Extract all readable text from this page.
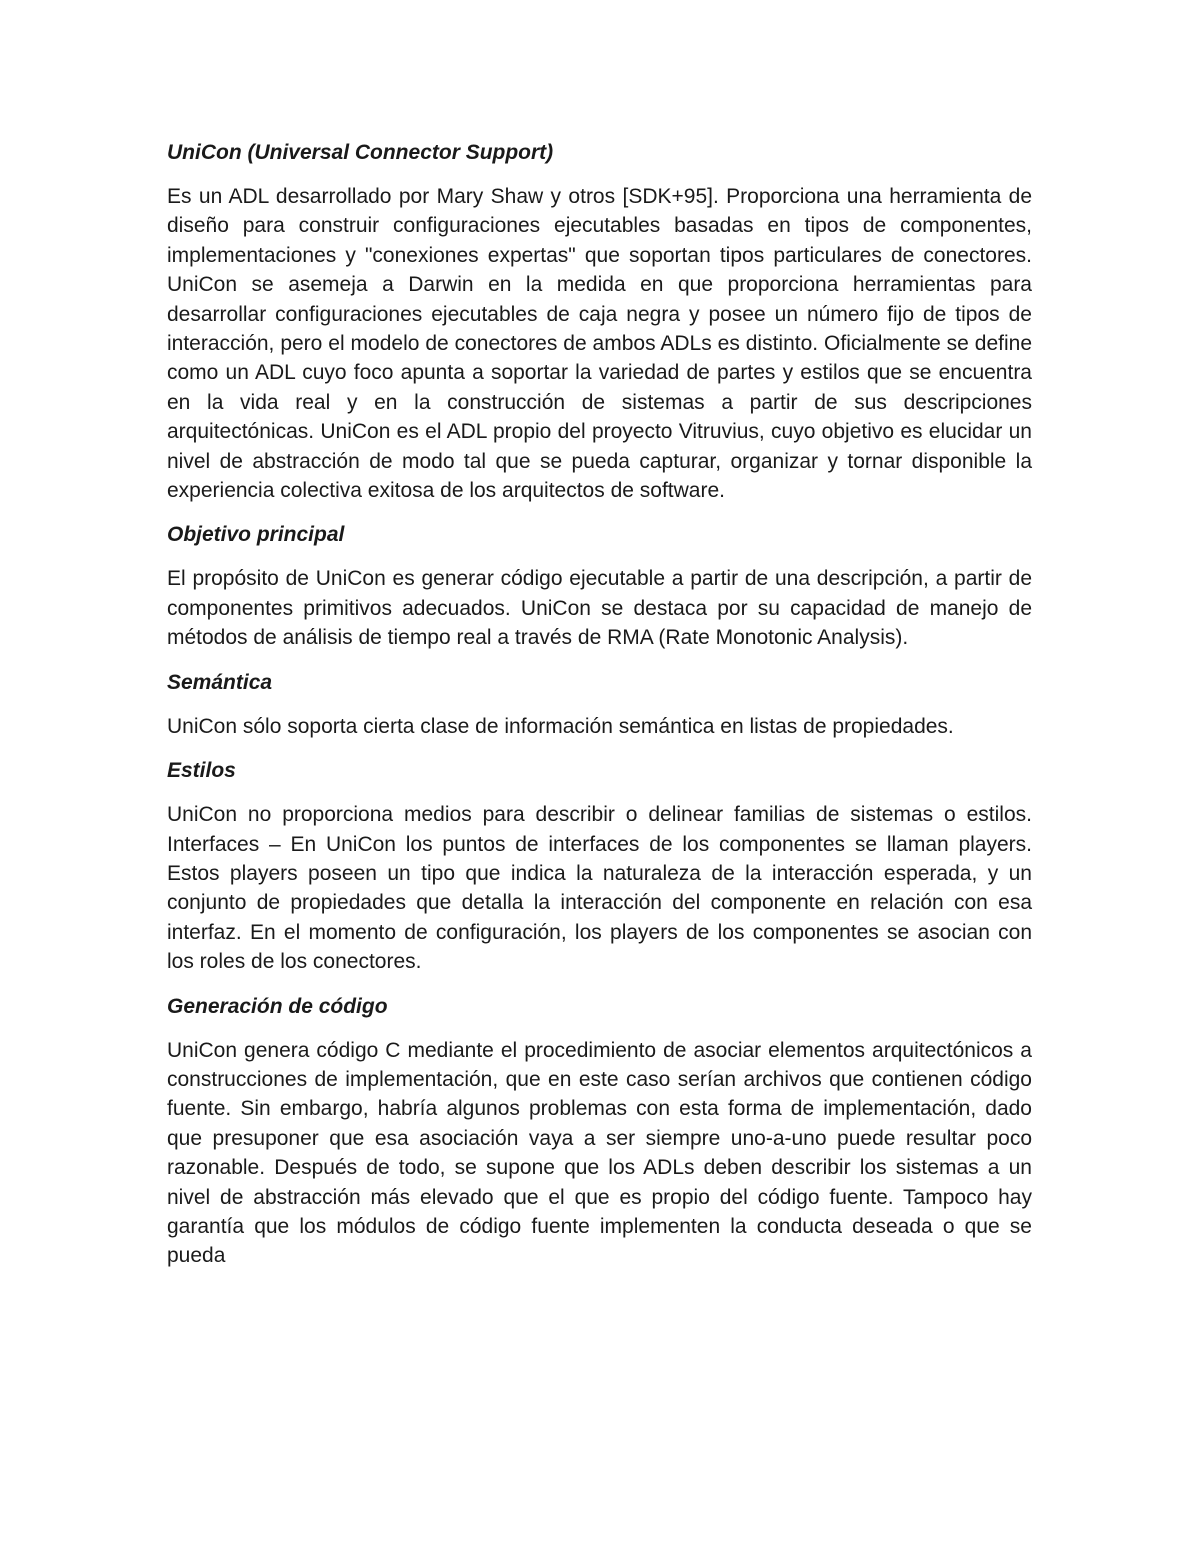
UniCon (Universal Connector Support)
Es un ADL desarrollado por Mary Shaw y otros [SDK+95]. Proporciona una herramienta de diseño para construir configuraciones ejecutables basadas en tipos de componentes, implementaciones y "conexiones expertas" que soportan tipos particulares de conectores. UniCon se asemeja a Darwin en la medida en que proporciona herramientas para desarrollar configuraciones ejecutables de caja negra y posee un número fijo de tipos de interacción, pero el modelo de conectores de ambos ADLs es distinto. Oficialmente se define como un ADL cuyo foco apunta a soportar la variedad de partes y estilos que se encuentra en la vida real y en la construcción de sistemas a partir de sus descripciones arquitectónicas. UniCon es el ADL propio del proyecto Vitruvius, cuyo objetivo es elucidar un nivel de abstracción de modo tal que se pueda capturar, organizar y tornar disponible la experiencia colectiva exitosa de los arquitectos de software.
Objetivo principal
El propósito de UniCon es generar código ejecutable a partir de una descripción, a partir de componentes primitivos adecuados. UniCon se destaca por su capacidad de manejo de métodos de análisis de tiempo real a través de RMA (Rate Monotonic Analysis).
Semántica
UniCon sólo soporta cierta clase de información semántica en listas de propiedades.
Estilos
UniCon no proporciona medios para describir o delinear familias de sistemas o estilos. Interfaces – En UniCon los puntos de interfaces de los componentes se llaman players. Estos players poseen un tipo que indica la naturaleza de la interacción esperada, y un conjunto de propiedades que detalla la interacción del componente en relación con esa interfaz. En el momento de configuración, los players de los componentes se asocian con los roles de los conectores.
Generación de código
UniCon genera código C mediante el procedimiento de asociar elementos arquitectónicos a construcciones de implementación, que en este caso serían archivos que contienen código fuente. Sin embargo, habría algunos problemas con esta forma de implementación, dado que presuponer que esa asociación vaya a ser siempre uno-a-uno puede resultar poco razonable. Después de todo, se supone que los ADLs deben describir los sistemas a un nivel de abstracción más elevado que el que es propio del código fuente. Tampoco hay garantía que los módulos de código fuente implementen la conducta deseada o que se pueda
